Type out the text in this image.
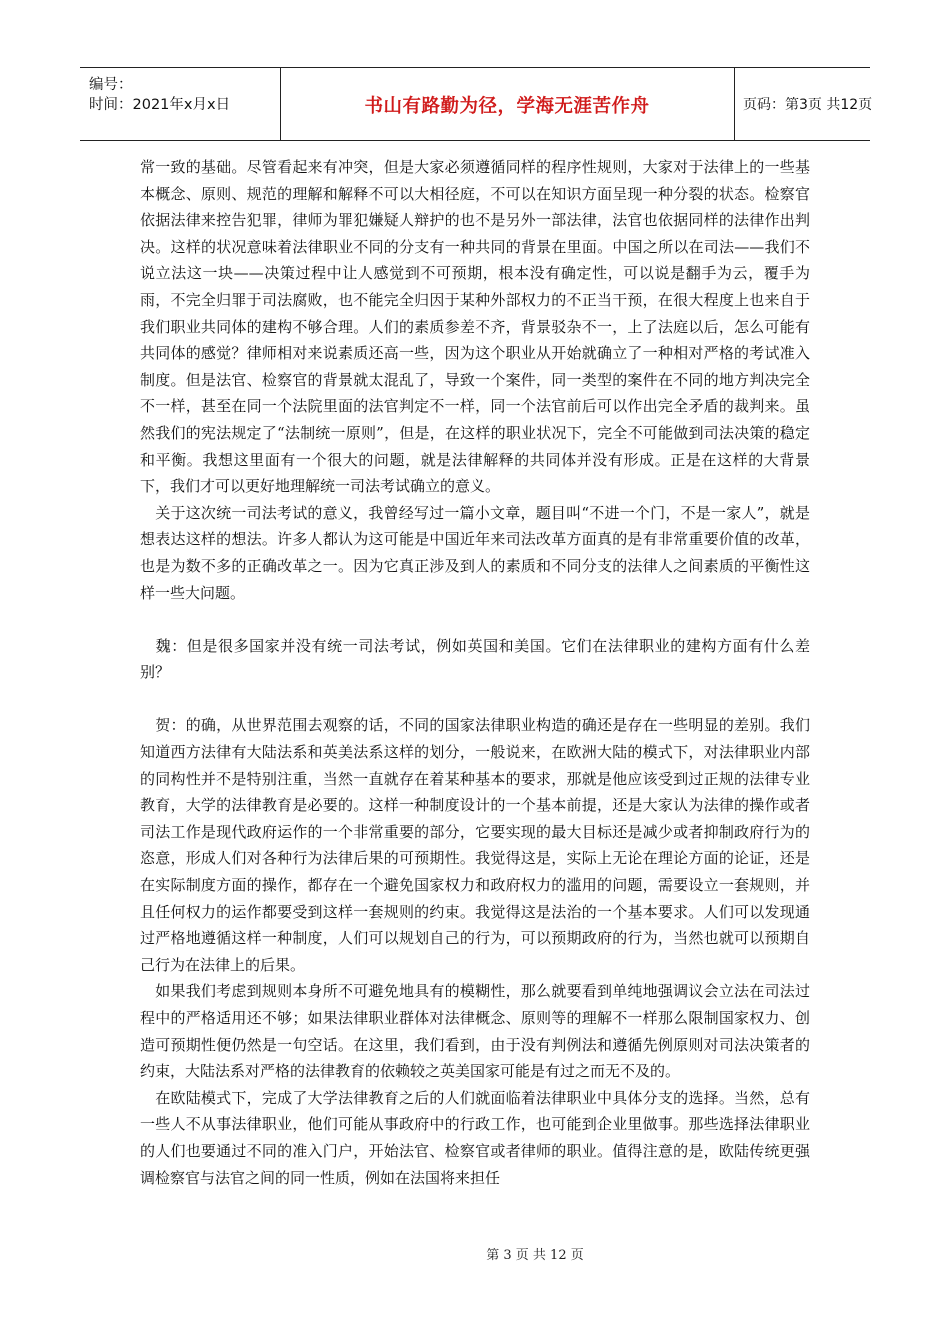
编号：
时间：2021年x月x日	书山有路勤为径，学海无涯苦作舟	页码：第3页 共12页

常一致的基础。尽管看起来有冲突，但是大家必须遵循同样的程序性规则，大家对于法律上的一些基本概念、原则、规范的理解和解释不可以大相径庭，不可以在知识方面呈现一种分裂的状态。检察官依据法律来控告犯罪，律师为罪犯嫌疑人辩护的也不是另外一部法律，法官也依据同样的法律作出判决。这样的状况意味着法律职业不同的分支有一种共同的背景在里面。中国之所以在司法——我们不说立法这一块——决策过程中让人感觉到不可预期，根本没有确定性，可以说是翻手为云，覆手为雨，不完全归罪于司法腐败，也不能完全归因于某种外部权力的不正当干预，在很大程度上也来自于我们职业共同体的建构不够合理。人们的素质参差不齐，背景驳杂不一，上了法庭以后，怎么可能有共同体的感觉？律师相对来说素质还高一些，因为这个职业从开始就确立了一种相对严格的考试准入制度。但是法官、检察官的背景就太混乱了，导致一个案件，同一类型的案件在不同的地方判决完全不一样，甚至在同一个法院里面的法官判定不一样，同一个法官前后可以作出完全矛盾的裁判来。虽然我们的宪法规定了“法制统一原则”，但是，在这样的职业状况下，完全不可能做到司法决策的稳定和平衡。我想这里面有一个很大的问题，就是法律解释的共同体并没有形成。正是在这样的大背景下，我们才可以更好地理解统一司法考试确立的意义。

　关于这次统一司法考试的意义，我曾经写过一篇小文章，题目叫“不进一个门，不是一家人”，就是想表达这样的想法。许多人都认为这可能是中国近年来司法改革方面真的是有非常重要价值的改革，也是为数不多的正确改革之一。因为它真正涉及到人的素质和不同分支的法律人之间素质的平衡性这样一些大问题。

　魏：但是很多国家并没有统一司法考试，例如英国和美国。它们在法律职业的建构方面有什么差别？

　贺：的确，从世界范围去观察的话，不同的国家法律职业构造的确还是存在一些明显的差别。我们知道西方法律有大陆法系和英美法系这样的划分，一般说来，在欧洲大陆的模式下，对法律职业内部的同构性并不是特别注重，当然一直就存在着某种基本的要求，那就是他应该受到过正规的法律专业教育，大学的法律教育是必要的。这样一种制度设计的一个基本前提，还是大家认为法律的操作或者司法工作是现代政府运作的一个非常重要的部分，它要实现的最大目标还是减少或者抑制政府行为的恣意，形成人们对各种行为法律后果的可预期性。我觉得这是，实际上无论在理论方面的论证，还是在实际制度方面的操作，都存在一个避免国家权力和政府权力的滥用的问题，需要设立一套规则，并且任何权力的运作都要受到这样一套规则的约束。我觉得这是法治的一个基本要求。人们可以发现通过严格地遵循这样一种制度，人们可以规划自己的行为，可以预期政府的行为，当然也就可以预期自己行为在法律上的后果。

　如果我们考虑到规则本身所不可避免地具有的模糊性，那么就要看到单纯地强调议会立法在司法过程中的严格适用还不够；如果法律职业群体对法律概念、原则等的理解不一样那么限制国家权力、创造可预期性便仍然是一句空话。在这里，我们看到，由于没有判例法和遵循先例原则对司法决策者的约束，大陆法系对严格的法律教育的依赖较之英美国家可能是有过之而无不及的。

　在欧陆模式下，完成了大学法律教育之后的人们就面临着法律职业中具体分支的选择。当然，总有一些人不从事法律职业，他们可能从事政府中的行政工作，也可能到企业里做事。那些选择法律职业的人们也要通过不同的准入门户，开始法官、检察官或者律师的职业。值得注意的是，欧陆传统更强调检察官与法官之间的同一性质，例如在法国将来担任

第 3 页 共 12 页
